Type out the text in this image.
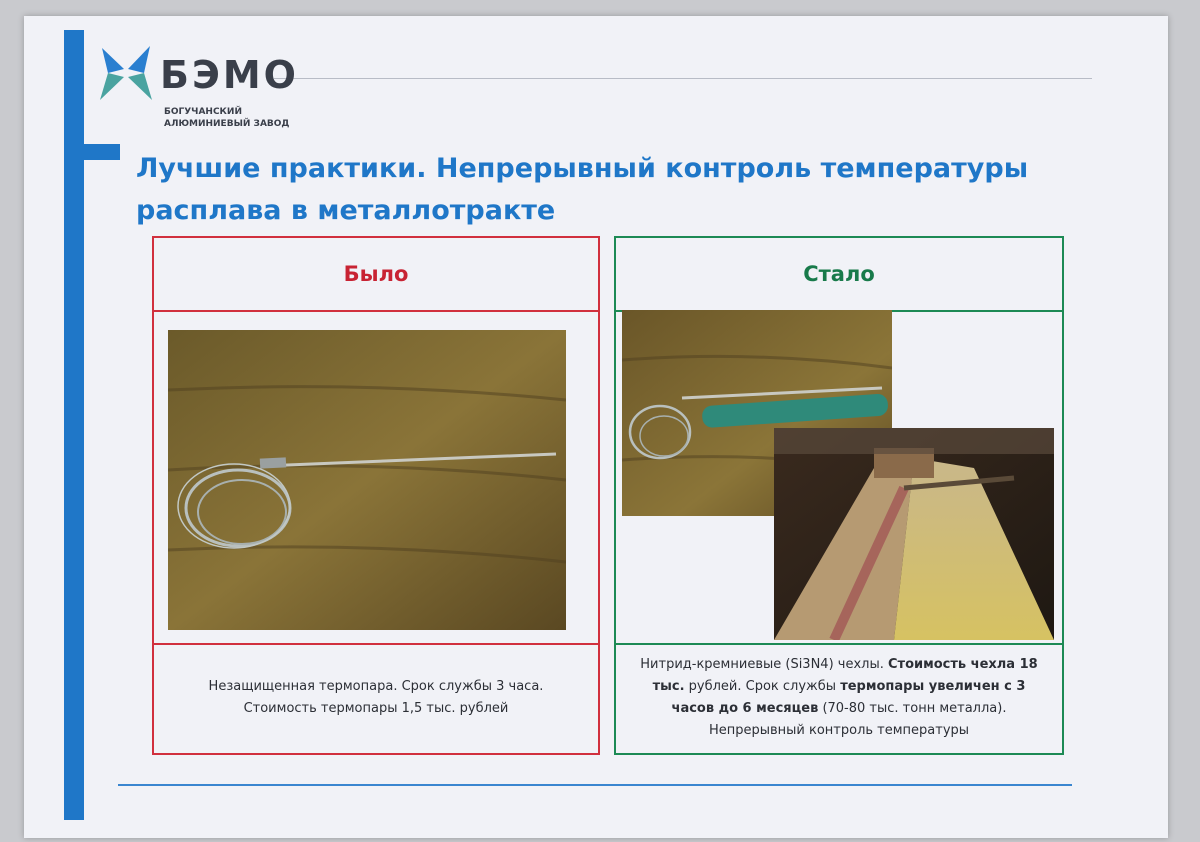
БЭМО
БОГУЧАНСКИЙ
АЛЮМИНИЕВЫЙ ЗАВОД
Лучшие практики. Непрерывный контроль температуры расплава в металлотракте
Было
Незащищенная термопара. Срок службы 3 часа.
Стоимость термопары 1,5 тыс. рублей
Стало
Нитрид-кремниевые (Si3N4) чехлы. Стоимость чехла 18 тыс. рублей. Срок службы термопары увеличен с 3 часов до 6 месяцев (70-80 тыс. тонн металла).
Непрерывный контроль температуры
